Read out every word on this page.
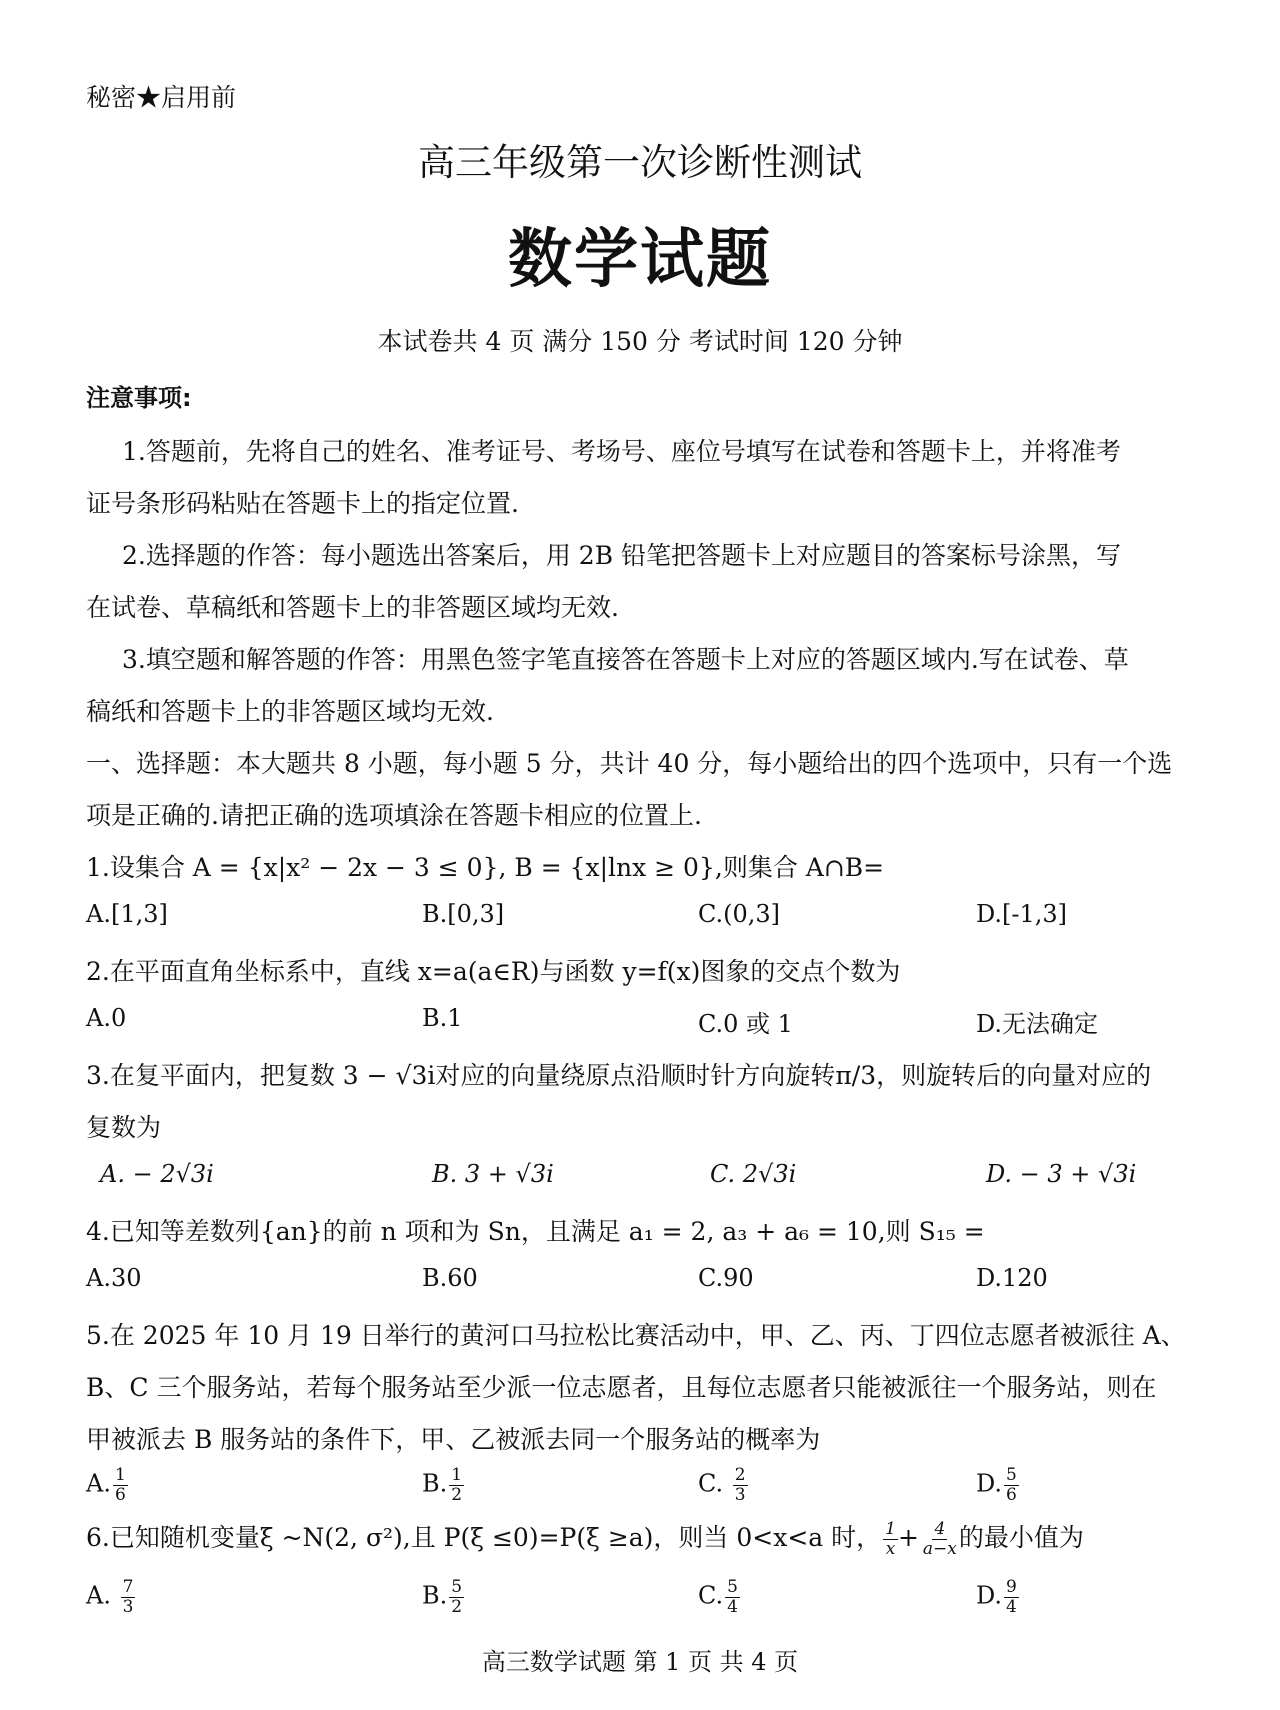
秘密★启用前
高三年级第一次诊断性测试
数学试题
本试卷共 4 页 满分 150 分 考试时间 120 分钟
注意事项:
1.答题前，先将自己的姓名、准考证号、考场号、座位号填写在试卷和答题卡上，并将准考
证号条形码粘贴在答题卡上的指定位置.
2.选择题的作答：每小题选出答案后，用 2B 铅笔把答题卡上对应题目的答案标号涂黑，写
在试卷、草稿纸和答题卡上的非答题区域均无效.
3.填空题和解答题的作答：用黑色签字笔直接答在答题卡上对应的答题区域内.写在试卷、草
稿纸和答题卡上的非答题区域均无效.
一、选择题：本大题共 8 小题，每小题 5 分，共计 40 分，每小题给出的四个选项中，只有一个选
项是正确的.请把正确的选项填涂在答题卡相应的位置上.
1.设集合 A = {x|x² − 2x − 3 ≤ 0}, B = {x|lnx ≥ 0},则集合 A∩B=
A.[1,3]	B.[0,3]	C.(0,3]	D.[-1,3]
2.在平面直角坐标系中，直线 x=a(a∈R)与函数 y=f(x)图象的交点个数为
A.0	B.1	C.0 或 1	D.无法确定
3.在复平面内，把复数 3 − √3i对应的向量绕原点沿顺时针方向旋转π/3，则旋转后的向量对应的
复数为
A. − 2√3i	B. 3 + √3i	C. 2√3i	D. − 3 + √3i
4.已知等差数列{an}的前 n 项和为 Sn，且满足 a₁ = 2, a₃ + a₆ = 10,则 S₁₅ =
A.30	B.60	C.90	D.120
5.在 2025 年 10 月 19 日举行的黄河口马拉松比赛活动中，甲、乙、丙、丁四位志愿者被派往 A、
B、C 三个服务站，若每个服务站至少派一位志愿者，且每位志愿者只能被派往一个服务站，则在
甲被派去 B 服务站的条件下，甲、乙被派去同一个服务站的概率为
A. $\frac{1}{6}$	B. $\frac{1}{2}$	C. $\frac{2}{3}$	D. $\frac{5}{6}$
6.已知随机变量ξ ~N(2, σ²),且 P(ξ ≤0)=P(ξ ≥a)，则当 0<x<a 时， $\frac{1}{x} + \frac{4}{a-x}$ 的最小值为
A. $\frac{7}{3}$	B. $\frac{5}{2}$	C. $\frac{5}{4}$	D. $\frac{9}{4}$
高三数学试题 第 1 页 共 4 页
